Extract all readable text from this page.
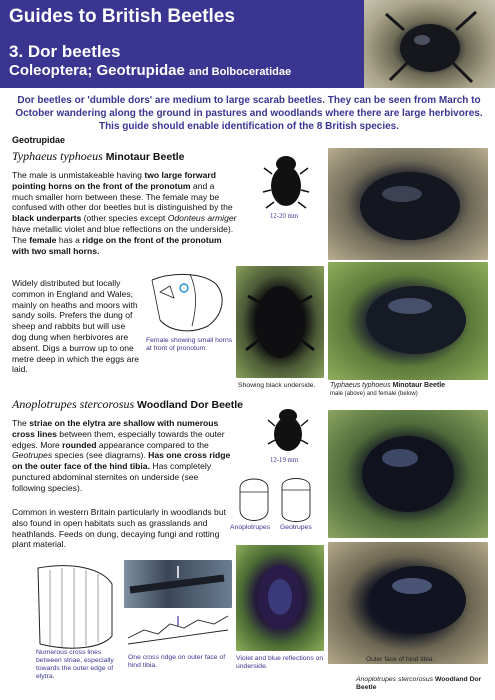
Guides to British Beetles
3. Dor beetles
Coleoptera; Geotrupidae and Bolboceratidae
Dor beetles or 'dumble dors' are medium to large scarab beetles. They can be seen from March to October wandering along the ground in pastures and woodlands where there are large herbivores. This guide should enable identification of the 8 British species.
Geotrupidae
Typhaeus typhoeus Minotaur Beetle
The male is unmistakeable having two large forward pointing horns on the front of the pronotum and a much smaller horn between these. The female may be confused with other dor beetles but is distinguished by the black underparts (other species except Odonteus armiger have metallic violet and blue reflections on the underside). The female has a ridge on the front of the pronotum with two small horns.
Widely distributed but locally common in England and Wales, mainly on heaths and moors with sandy soils. Prefers the dung of sheep and rabbits but will use dog dung when herbivores are absent. Digs a burrow up to one metre deep in which the eggs are laid.
12-20 mm
Typhaeus typhoeus Minotaur Beetle
male (above) and female (below)
Female showing small horns at front of pronotum.
Showing black underside.
Anoplotrupes stercorosus Woodland Dor Beetle
The striae on the elytra are shallow with numerous cross lines between them, especially towards the outer edges. More rounded appearance compared to the Geotrupes species (see diagrams). Has one cross ridge on the outer face of the hind tibia. Has completely punctured abdominal sternites on underside (see following species).
Common in western Britain particularly in woodlands but also found in open habitats such as grasslands and heathlands. Feeds on dung, decaying fungi and rotting plant material.
12-19 mm
Anoplotrupes Geotrupes
Outer face of hind tibia.
Anoplotrupes stercorosus Woodland Dor Beetle
Numerous cross lines between striae, especially towards the outer edge of elytra.
One cross ridge on outer face of hind tibia.
Violet and blue reflections on underside.
